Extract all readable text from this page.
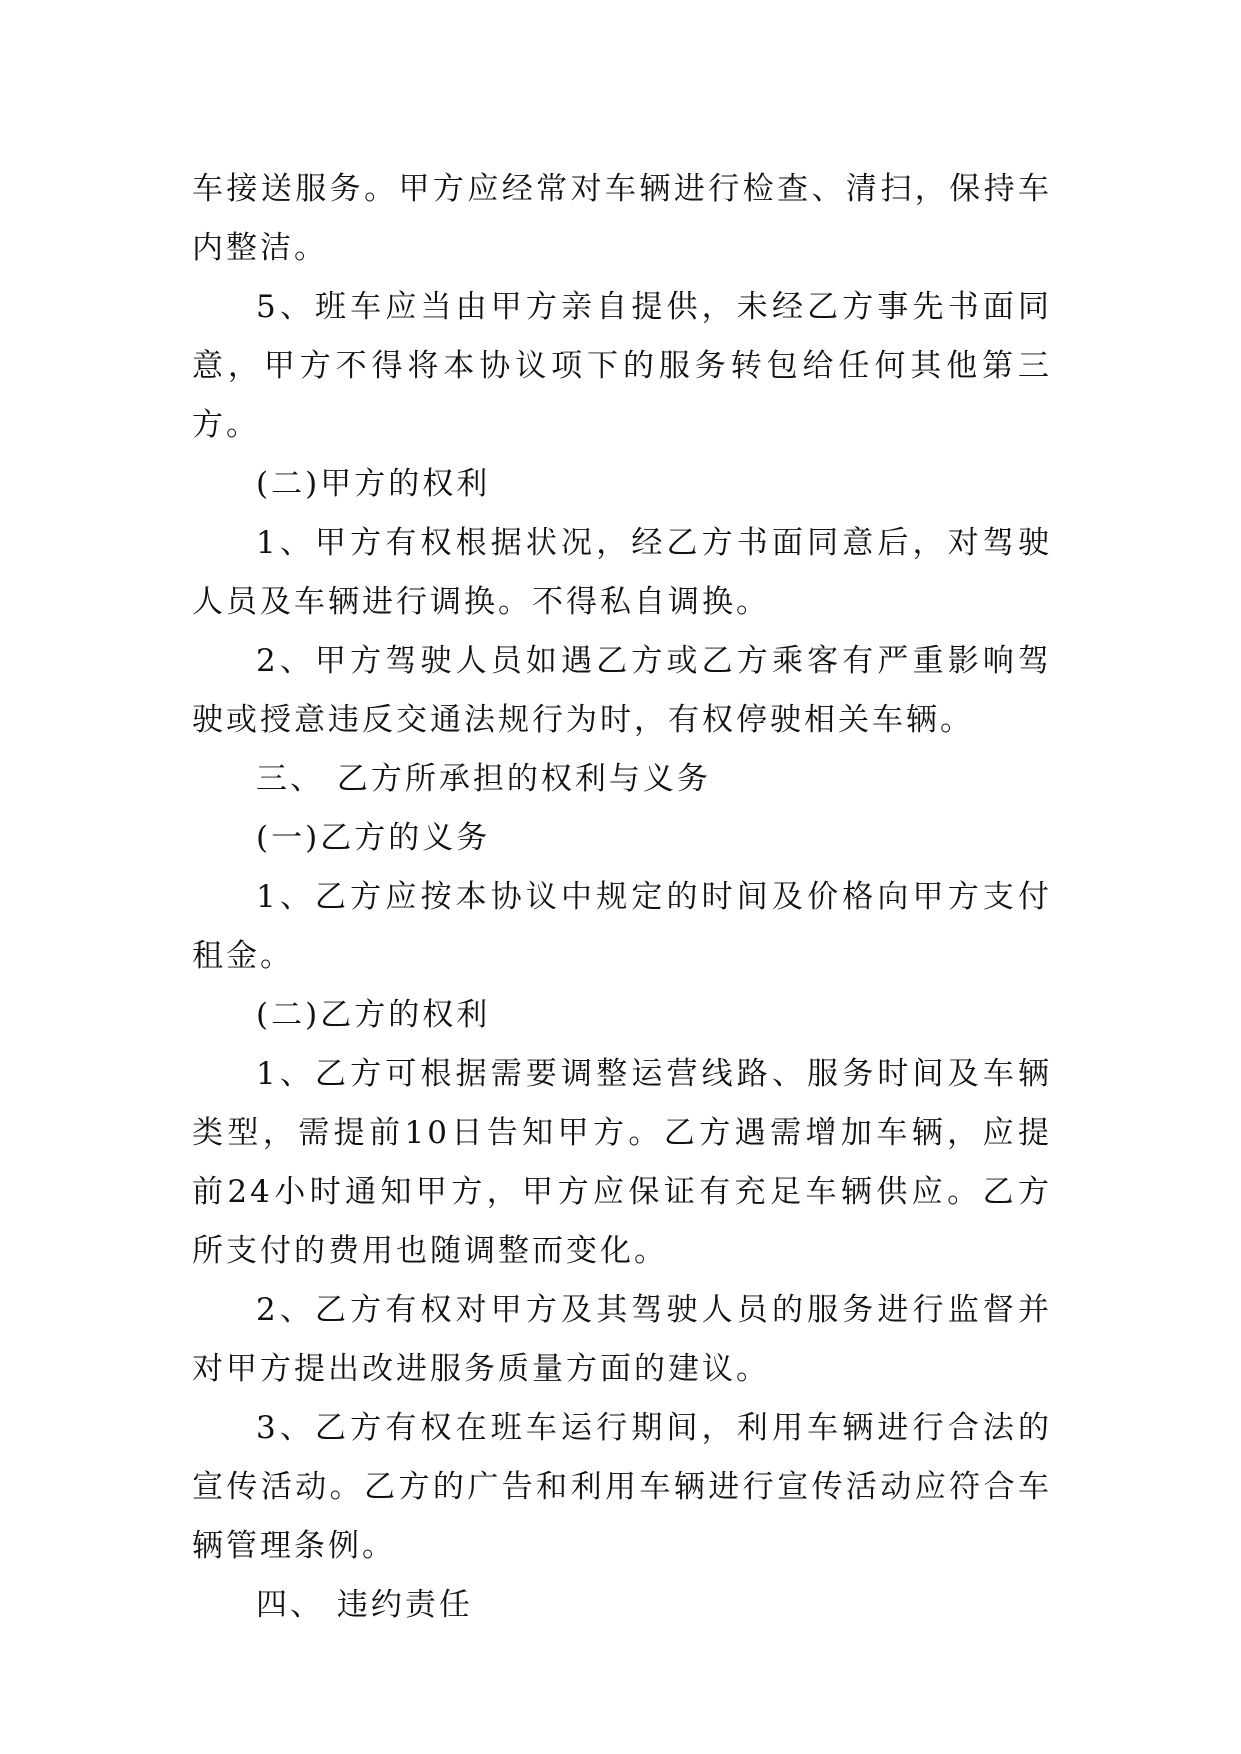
车接送服务。甲方应经常对车辆进行检查、清扫，保持车内整洁。

5、班车应当由甲方亲自提供，未经乙方事先书面同意，甲方不得将本协议项下的服务转包给任何其他第三方。

(二)甲方的权利

1、甲方有权根据状况，经乙方书面同意后，对驾驶人员及车辆进行调换。不得私自调换。

2、甲方驾驶人员如遇乙方或乙方乘客有严重影响驾驶或授意违反交通法规行为时，有权停驶相关车辆。

三、 乙方所承担的权利与义务

(一)乙方的义务

1、乙方应按本协议中规定的时间及价格向甲方支付租金。

(二)乙方的权利

1、乙方可根据需要调整运营线路、服务时间及车辆类型，需提前10日告知甲方。乙方遇需增加车辆，应提前24小时通知甲方，甲方应保证有充足车辆供应。乙方所支付的费用也随调整而变化。

2、乙方有权对甲方及其驾驶人员的服务进行监督并对甲方提出改进服务质量方面的建议。

3、乙方有权在班车运行期间，利用车辆进行合法的宣传活动。乙方的广告和利用车辆进行宣传活动应符合车辆管理条例。

四、 违约责任
